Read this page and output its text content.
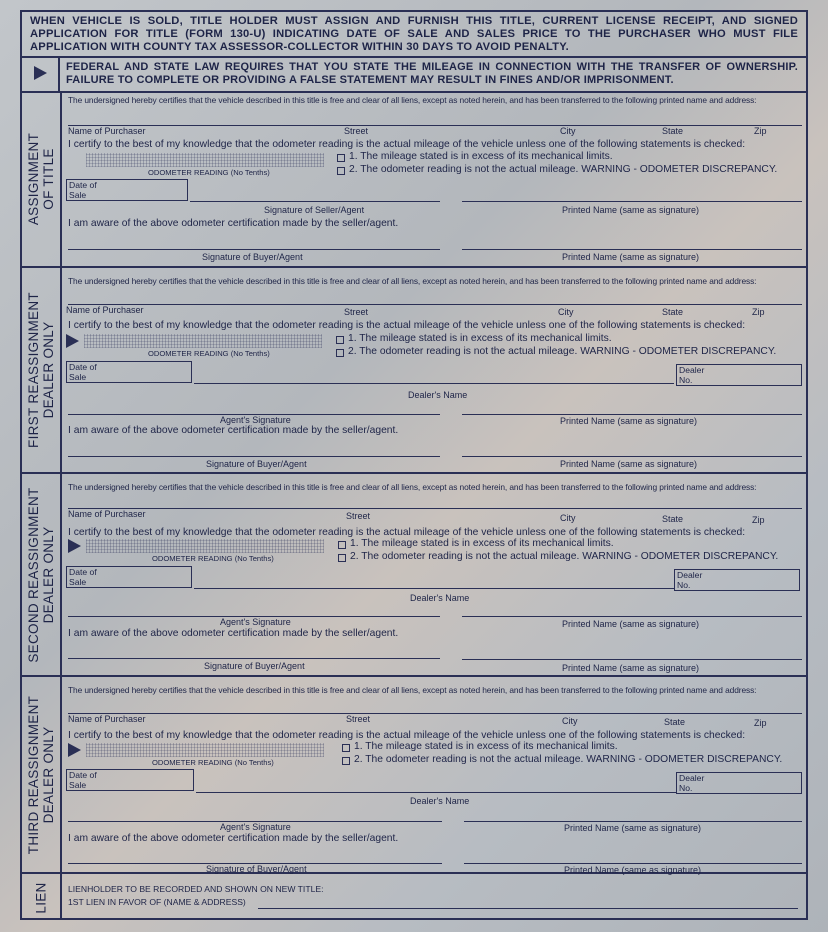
WHEN VEHICLE IS SOLD, TITLE HOLDER MUST ASSIGN AND FURNISH THIS TITLE, CURRENT LICENSE RECEIPT, AND SIGNED APPLICATION FOR TITLE (FORM 130-U) INDICATING DATE OF SALE AND SALES PRICE TO THE PURCHASER WHO MUST FILE APPLICATION WITH COUNTY TAX ASSESSOR-COLLECTOR WITHIN 30 DAYS TO AVOID PENALTY.
FEDERAL AND STATE LAW REQUIRES THAT YOU STATE THE MILEAGE IN CONNECTION WITH THE TRANSFER OF OWNERSHIP. FAILURE TO COMPLETE OR PROVIDING A FALSE STATEMENT MAY RESULT IN FINES AND/OR IMPRISONMENT.
ASSIGNMENT
OF TITLE
The undersigned hereby certifies that the vehicle described in this title is free and clear of all liens, except as noted herein, and has been transferred to the following printed name and address:
Name of Purchaser	Street	City	State	Zip
I certify to the best of my knowledge that the odometer reading is the actual mileage of the vehicle unless one of the following statements is checked:
ODOMETER READING (No Tenths)
1. The mileage stated is in excess of its mechanical limits.
2. The odometer reading is not the actual mileage. WARNING - ODOMETER DISCREPANCY.
Date of Sale
Signature of Seller/Agent	Printed Name (same as signature)
I am aware of the above odometer certification made by the seller/agent.
Signature of Buyer/Agent	Printed Name (same as signature)
FIRST REASSIGNMENT
DEALER ONLY
The undersigned hereby certifies that the vehicle described in this title is free and clear of all liens, except as noted herein, and has been transferred to the following printed name and address:
Name of Purchaser	Street	City	State	Zip
I certify to the best of my knowledge that the odometer reading is the actual mileage of the vehicle unless one of the following statements is checked:
ODOMETER READING (No Tenths)
1. The mileage stated is in excess of its mechanical limits.
2. The odometer reading is not the actual mileage. WARNING - ODOMETER DISCREPANCY.
Date of Sale
Dealer No.
Dealer's Name
Agent's Signature	Printed Name (same as signature)
I am aware of the above odometer certification made by the seller/agent.
Signature of Buyer/Agent	Printed Name (same as signature)
SECOND REASSIGNMENT
DEALER ONLY
The undersigned hereby certifies that the vehicle described in this title is free and clear of all liens, except as noted herein, and has been transferred to the following printed name and address:
Name of Purchaser	Street	City	State	Zip
I certify to the best of my knowledge that the odometer reading is the actual mileage of the vehicle unless one of the following statements is checked:
ODOMETER READING (No Tenths)
1. The mileage stated is in excess of its mechanical limits.
2. The odometer reading is not the actual mileage. WARNING - ODOMETER DISCREPANCY.
Date of Sale
Dealer No.
Dealer's Name
Agent's Signature	Printed Name (same as signature)
I am aware of the above odometer certification made by the seller/agent.
Signature of Buyer/Agent	Printed Name (same as signature)
THIRD REASSIGNMENT
DEALER ONLY
The undersigned hereby certifies that the vehicle described in this title is free and clear of all liens, except as noted herein, and has been transferred to the following printed name and address:
Name of Purchaser	Street	City	State	Zip
I certify to the best of my knowledge that the odometer reading is the actual mileage of the vehicle unless one of the following statements is checked:
ODOMETER READING (No Tenths)
1. The mileage stated is in excess of its mechanical limits.
2. The odometer reading is not the actual mileage. WARNING - ODOMETER DISCREPANCY.
Date of Sale
Dealer No.
Dealer's Name
Agent's Signature	Printed Name (same as signature)
I am aware of the above odometer certification made by the seller/agent.
Signature of Buyer/Agent	Printed Name (same as signature)
LIEN LIENHOLDER TO BE RECORDED AND SHOWN ON NEW TITLE:
1ST LIEN IN FAVOR OF (NAME & ADDRESS)
